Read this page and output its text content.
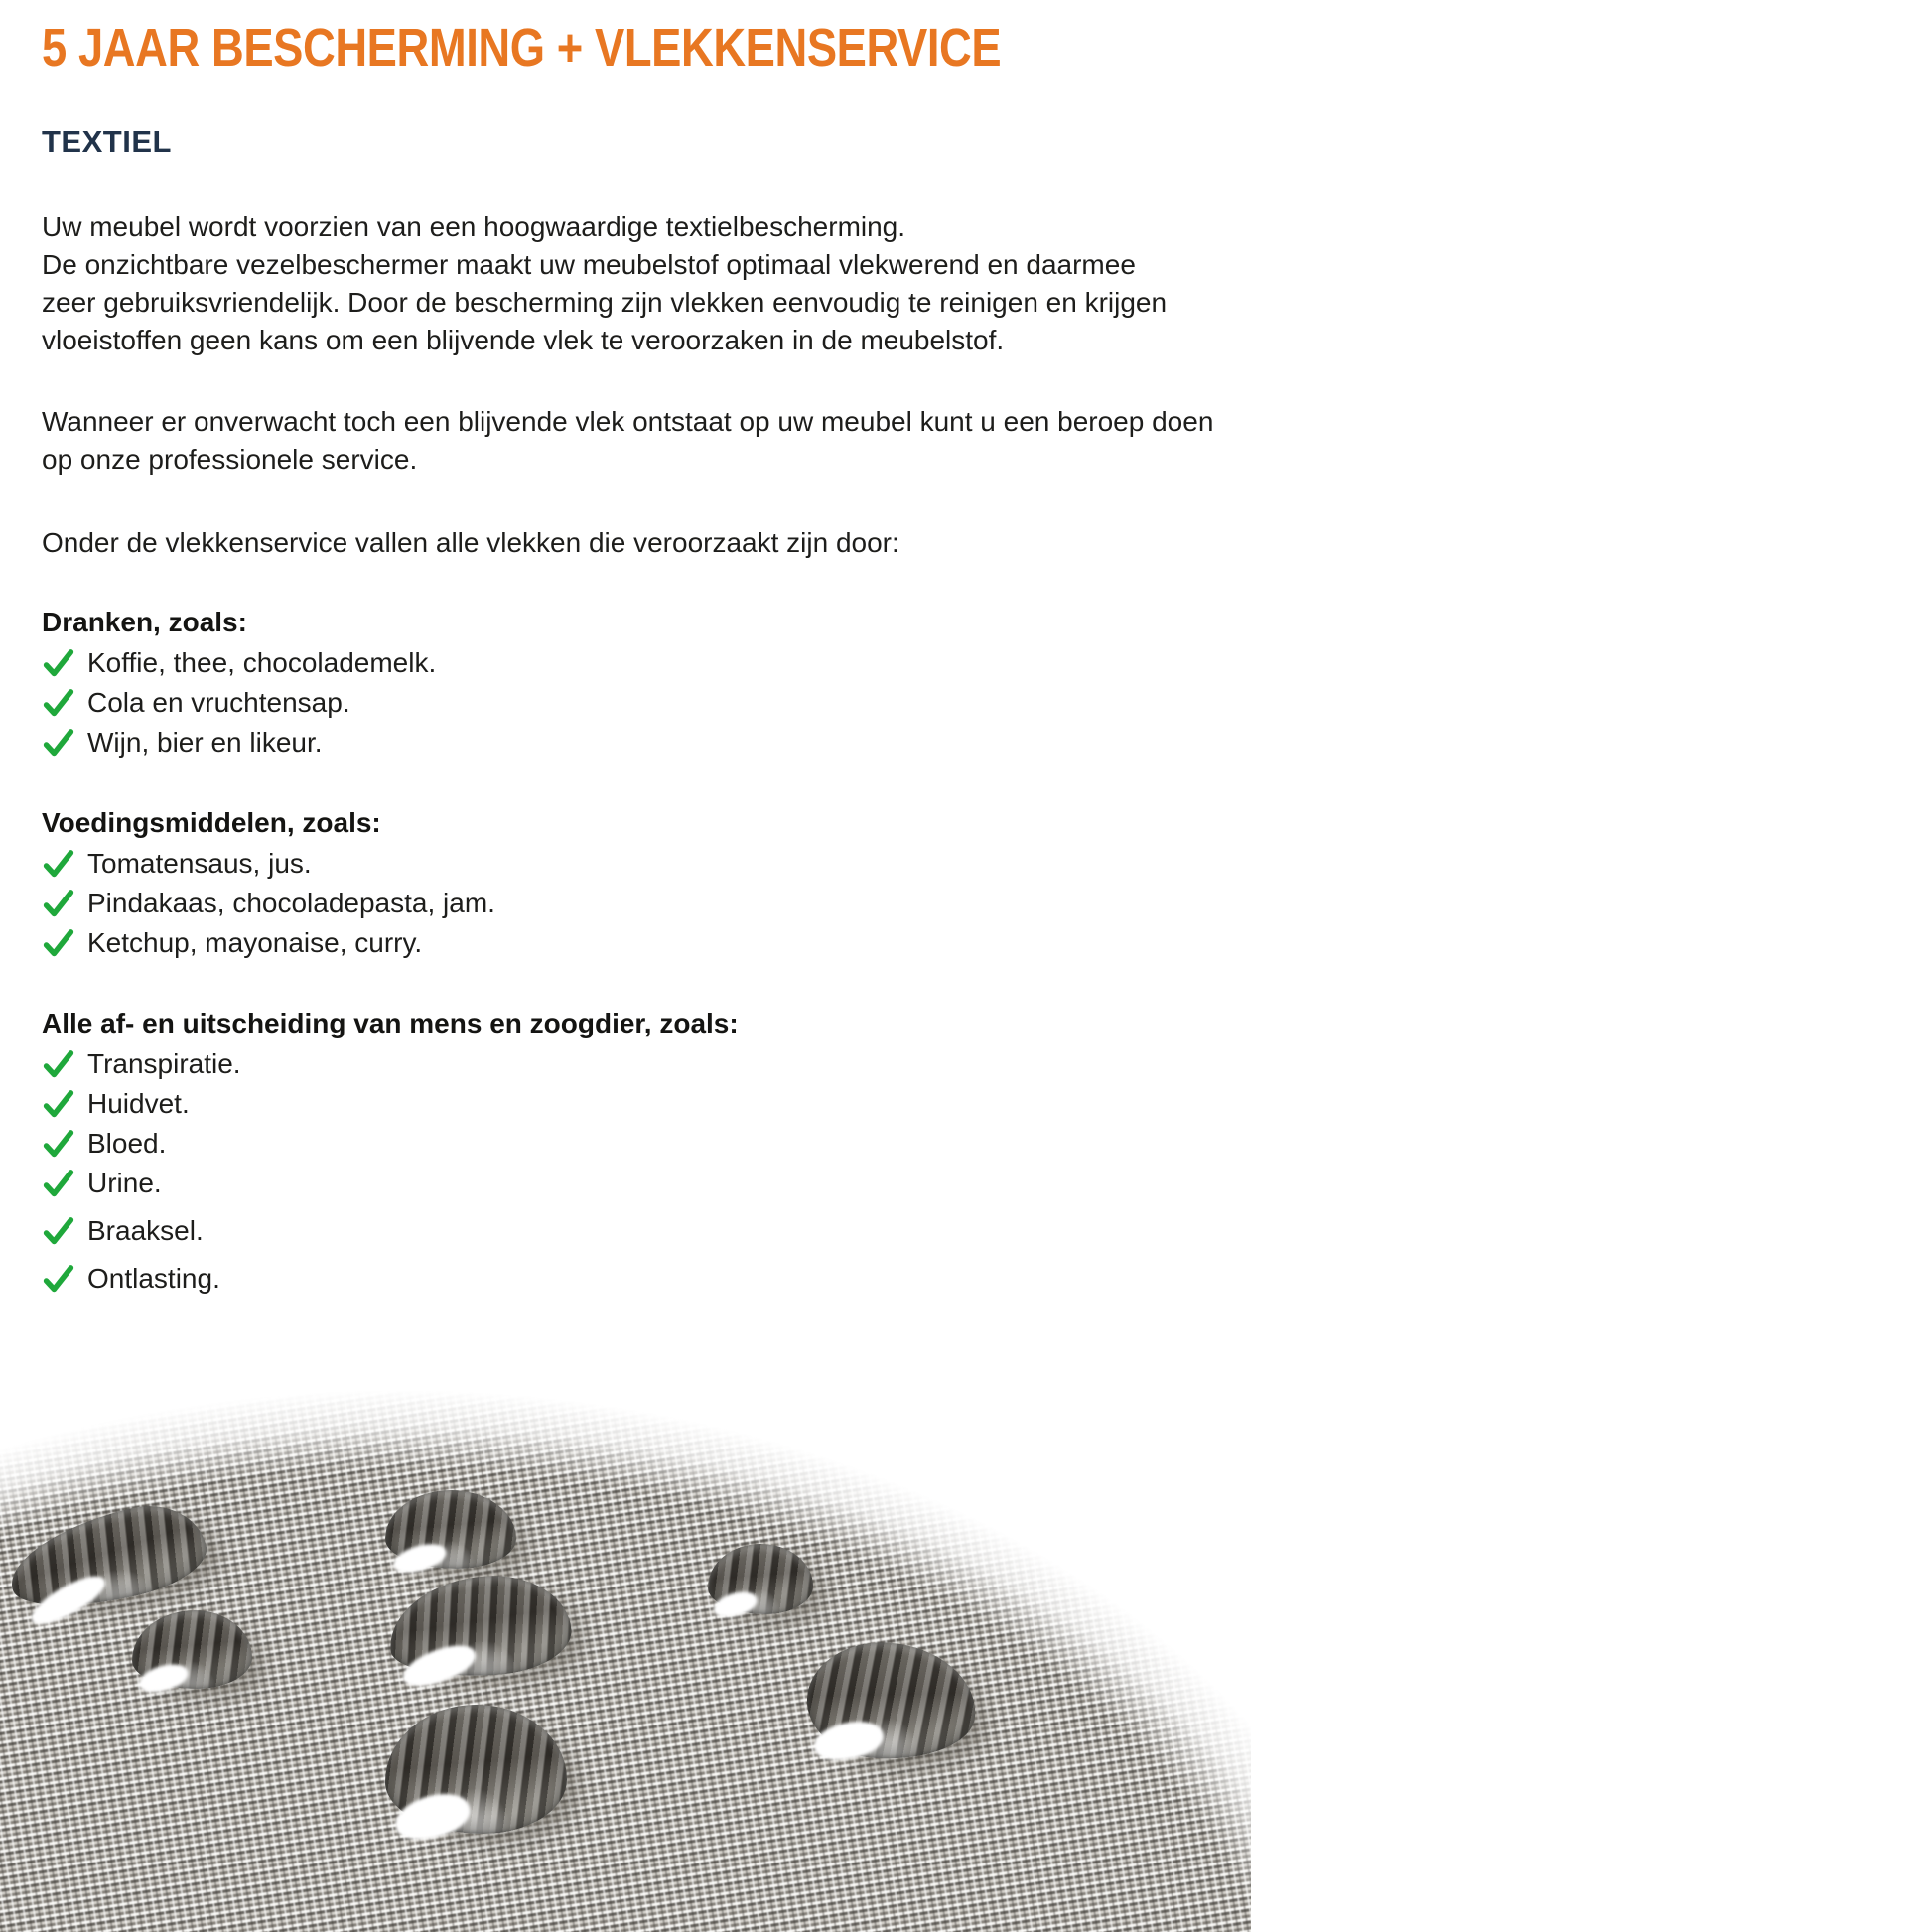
5 JAAR BESCHERMING + VLEKKENSERVICE
TEXTIEL

Uw meubel wordt voorzien van een hoogwaardige textielbescherming.
De onzichtbare vezelbeschermer maakt uw meubelstof optimaal vlekwerend en daarmee
zeer gebruiksvriendelijk. Door de bescherming zijn vlekken eenvoudig te reinigen en krijgen
vloeistoffen geen kans om een blijvende vlek te veroorzaken in de meubelstof.

Wanneer er onverwacht toch een blijvende vlek ontstaat op uw meubel kunt u een beroep doen
op onze professionele service.

Onder de vlekkenservice vallen alle vlekken die veroorzaakt zijn door:

Dranken, zoals:
Koffie, thee, chocolademelk.
Cola en vruchtensap.
Wijn, bier en likeur.
Voedingsmiddelen, zoals:
Tomatensaus, jus.
Pindakaas, chocoladepasta, jam.
Ketchup, mayonaise, curry.
Alle af- en uitscheiding van mens en zoogdier, zoals:
Transpiratie.
Huidvet.
Bloed.
Urine.
Braaksel.
Ontlasting.
